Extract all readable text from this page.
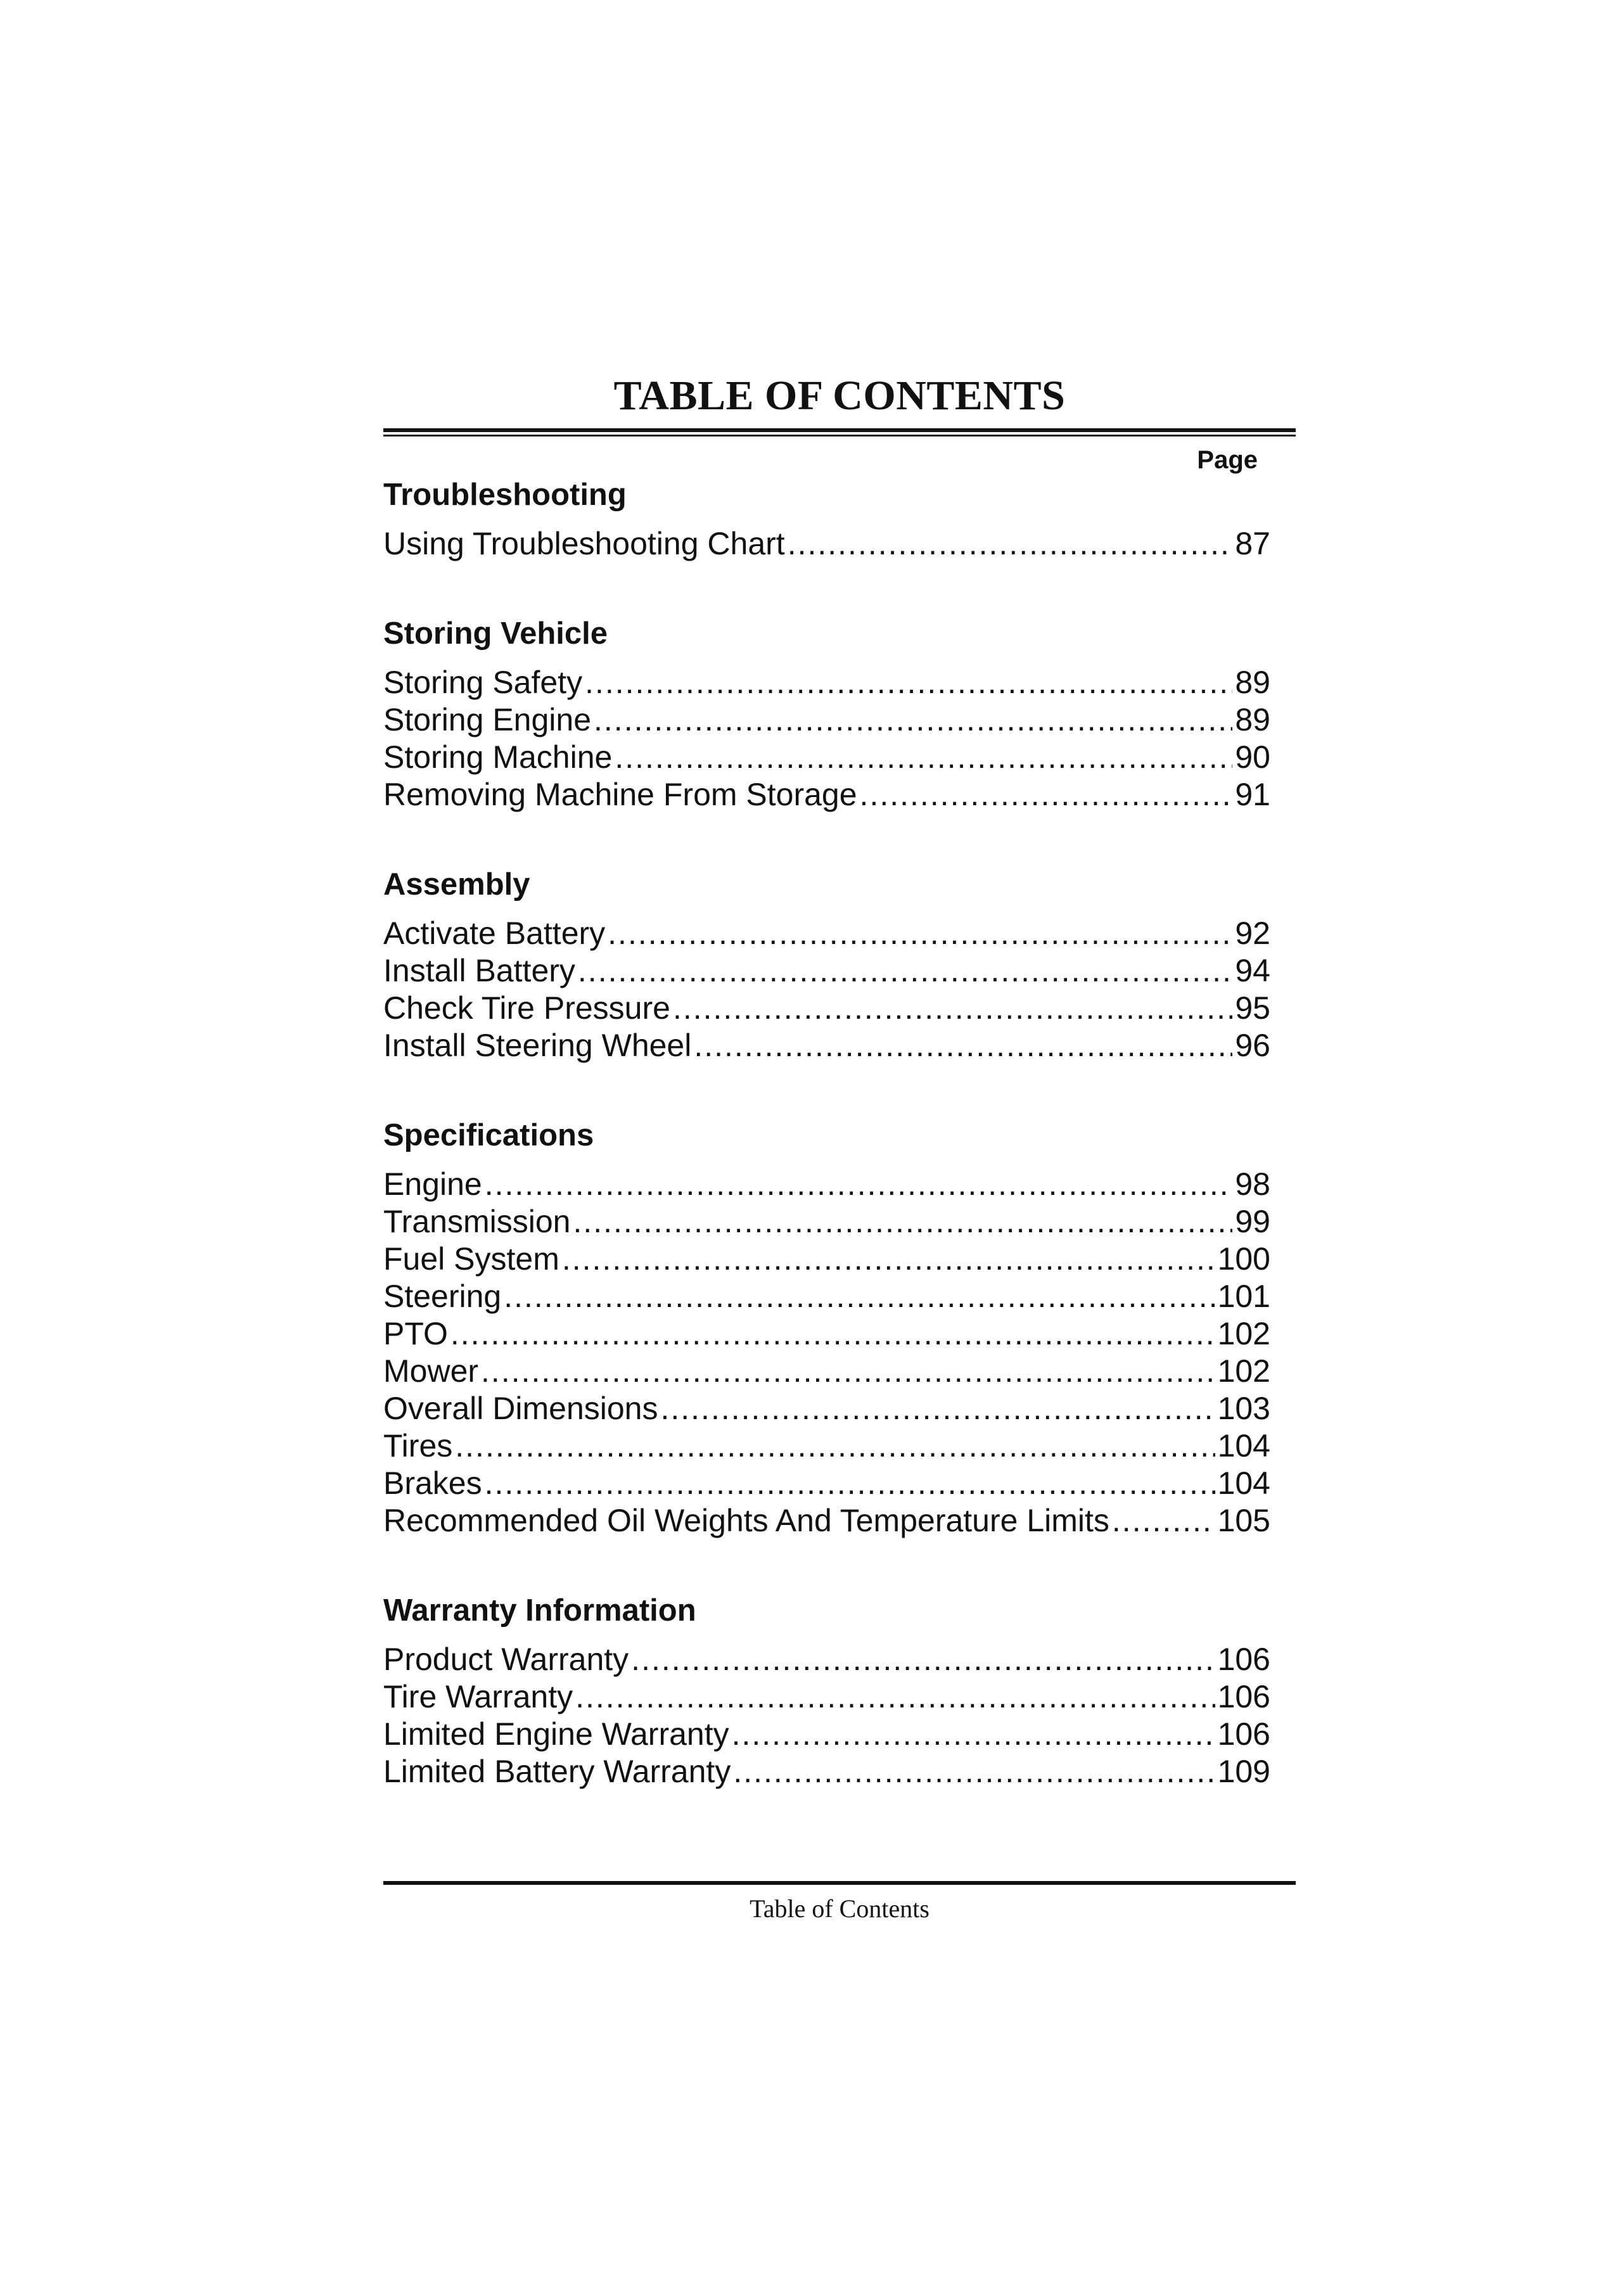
TABLE OF CONTENTS
Page
Troubleshooting
Using Troubleshooting Chart .....	87
Storing Vehicle
Storing Safety .....	89
Storing Engine .....	89
Storing Machine .....	90
Removing Machine From Storage .....	91
Assembly
Activate Battery .....	92
Install Battery .....	94
Check Tire Pressure .....	95
Install Steering Wheel .....	96
Specifications
Engine .....	98
Transmission .....	99
Fuel System .....	100
Steering .....	101
PTO .....	102
Mower .....	102
Overall Dimensions .....	103
Tires .....	104
Brakes .....	104
Recommended Oil Weights And Temperature Limits .....	105
Warranty Information
Product Warranty .....	106
Tire Warranty .....	106
Limited Engine Warranty .....	106
Limited Battery Warranty .....	109
Table of Contents
